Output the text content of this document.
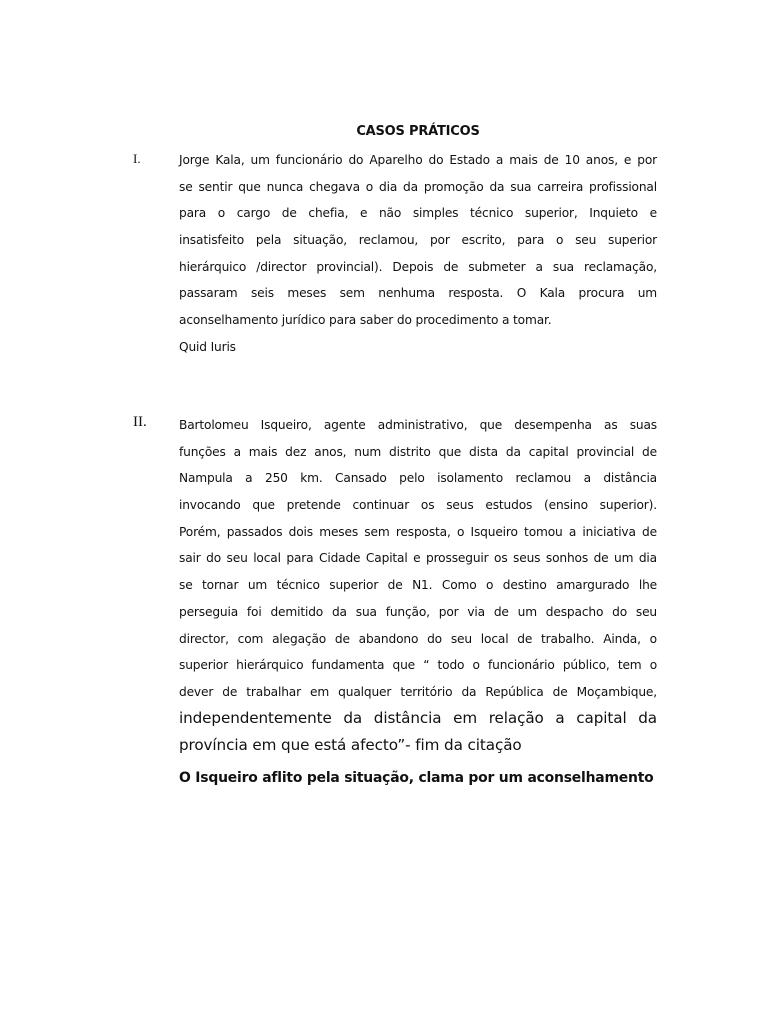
CASOS PRÁTICOS
I.	Jorge Kala, um funcionário do Aparelho do Estado a mais de 10 anos, e por
se sentir que nunca chegava o dia da promoção da sua carreira profissional
para o cargo de chefia, e não simples técnico superior, Inquieto e
insatisfeito pela situação, reclamou, por escrito, para o seu superior
hierárquico /director provincial). Depois de submeter a sua reclamação,
passaram seis meses sem nenhuma resposta. O Kala procura um
aconselhamento jurídico para saber do procedimento a tomar.
Quid Iuris
II.	Bartolomeu Isqueiro, agente administrativo, que desempenha as suas
funções a mais dez anos, num distrito que dista da capital provincial de
Nampula a 250 km. Cansado pelo isolamento reclamou a distância
invocando que pretende continuar os seus estudos (ensino superior).
Porém, passados dois meses sem resposta, o Isqueiro tomou a iniciativa de
sair do seu local para Cidade Capital e prosseguir os seus sonhos de um dia
se tornar um técnico superior de N1. Como o destino amargurado lhe
perseguia foi demitido da sua função, por via de um despacho do seu
director, com alegação de abandono do seu local de trabalho. Ainda, o
superior hierárquico fundamenta que “ todo o funcionário público, tem o
dever de trabalhar em qualquer território da República de Moçambique,
independentemente da distância em relação a capital da
província em que está afecto”- fim da citação
O Isqueiro aflito pela situação, clama por um aconselhamento
